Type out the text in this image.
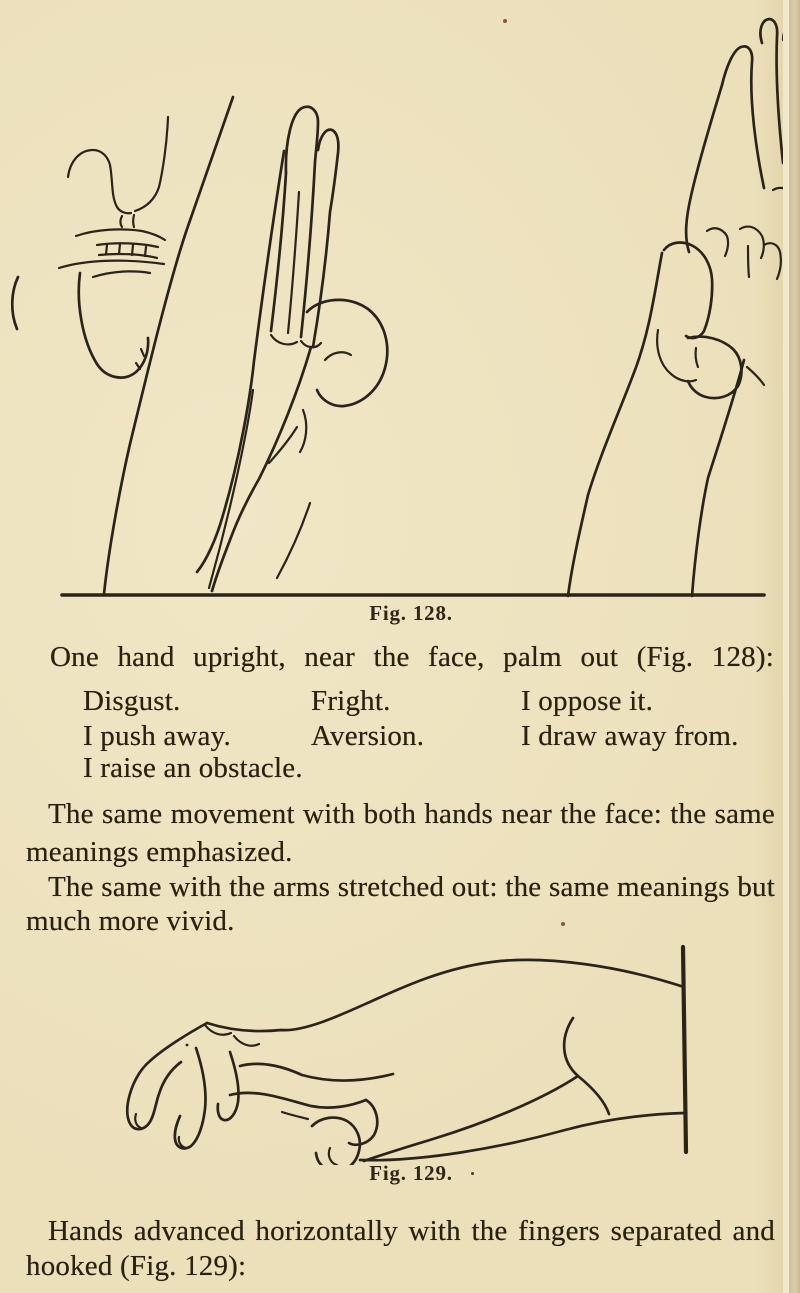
Fig. 128.
One hand upright, near the face, palm out (Fig. 128):
Disgust.	Fright.	I oppose it.
I push away.	Aversion.	I draw away from.
I raise an obstacle.
The same movement with both hands near the face: the same
meanings emphasized.
The same with the arms stretched out: the same meanings but
much more vivid.
Fig. 129.
Hands advanced horizontally with the fingers separated and
hooked (Fig. 129):
